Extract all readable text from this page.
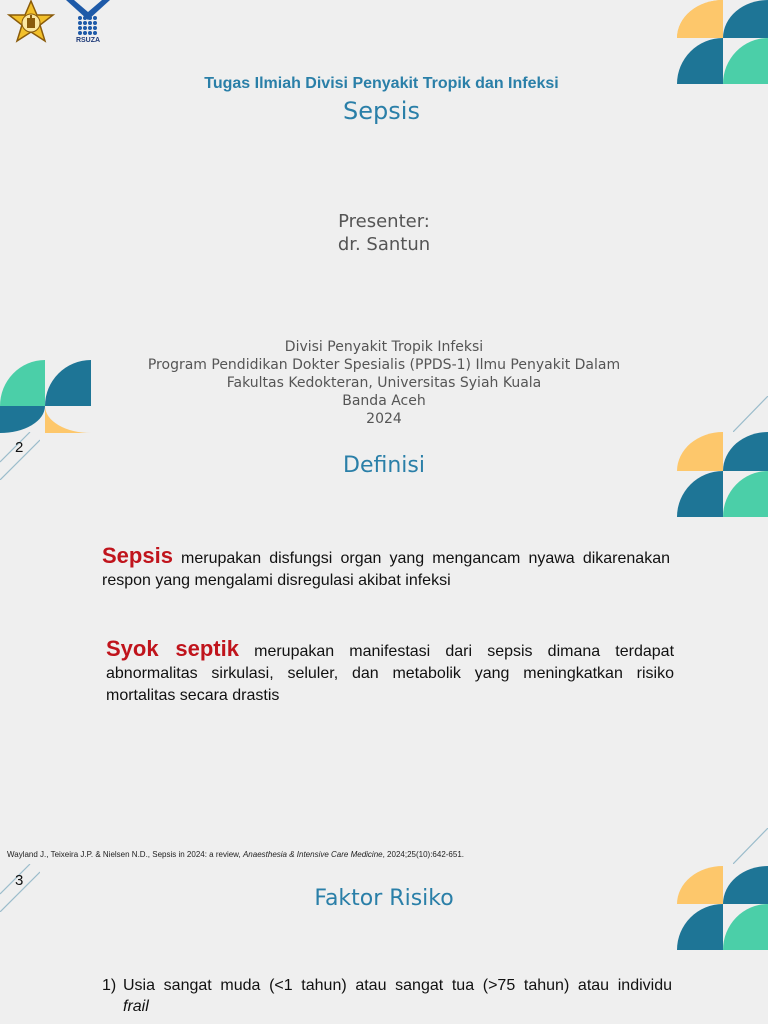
RSUZA
Tugas Ilmiah Divisi Penyakit Tropik dan Infeksi
Sepsis
Presenter:
dr. Santun
Divisi Penyakit Tropik Infeksi
Program Pendidikan Dokter Spesialis (PPDS-1) Ilmu Penyakit Dalam
Fakultas Kedokteran, Universitas Syiah Kuala
Banda Aceh
2024
2
Definisi
Sepsis merupakan disfungsi organ yang mengancam nyawa dikarenakan respon yang mengalami disregulasi akibat infeksi
Syok septik merupakan manifestasi dari sepsis dimana terdapat abnormalitas sirkulasi, seluler, dan metabolik yang meningkatkan risiko mortalitas secara drastis
Wayland J., Teixeira J.P. & Nielsen N.D., Sepsis in 2024: a review, Anaesthesia & Intensive Care Medicine, 2024;25(10):642-651.
3
Faktor Risiko
1) Usia sangat muda (<1 tahun) atau sangat tua (>75 tahun) atau individu
frail
